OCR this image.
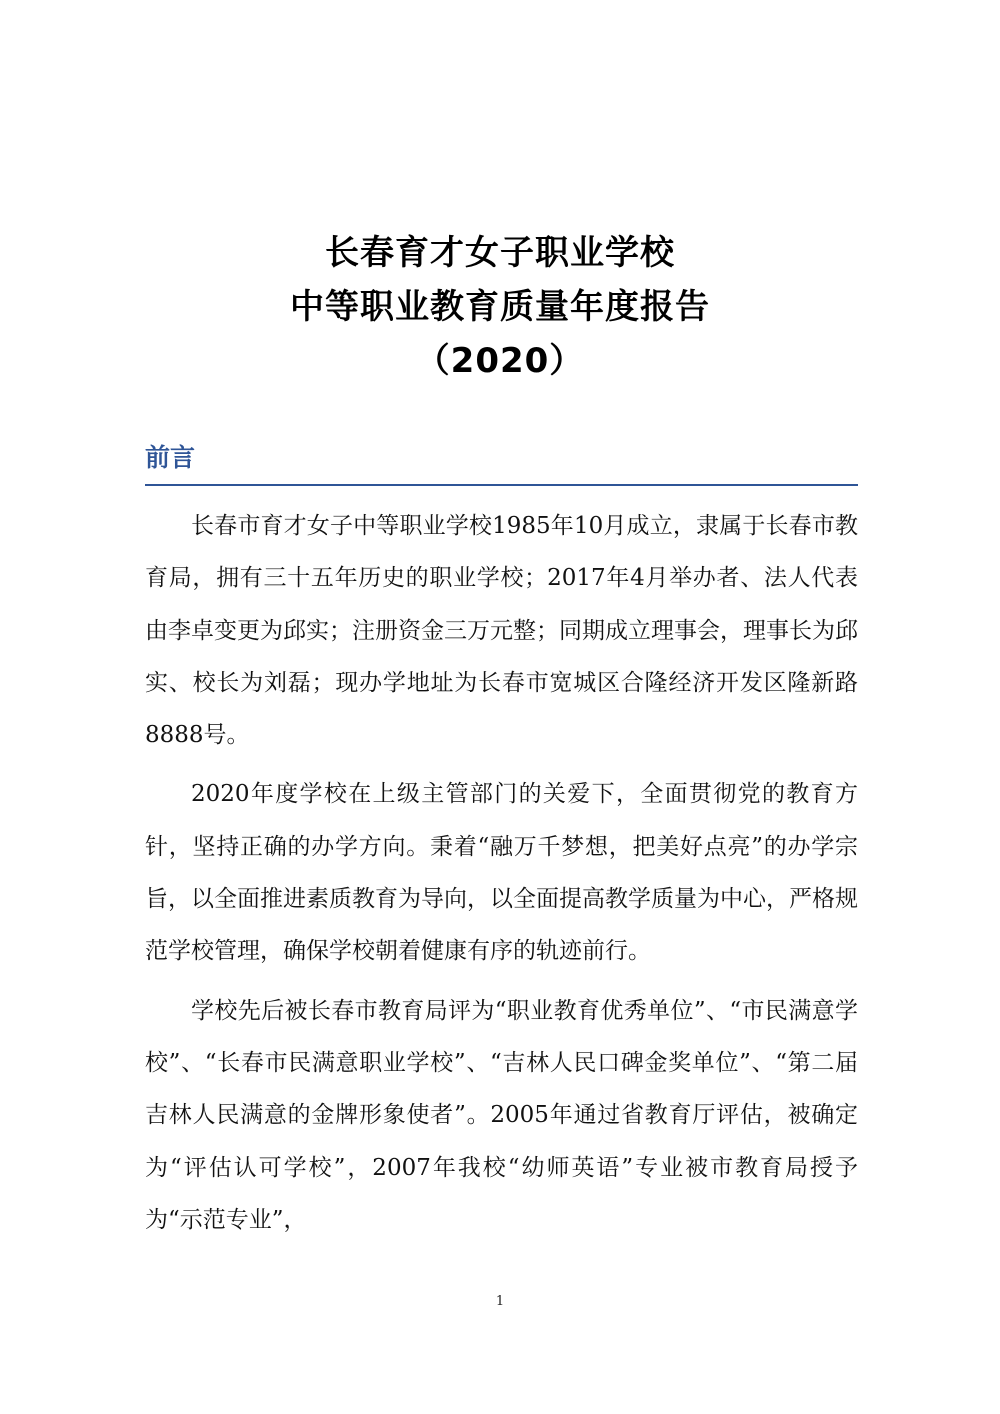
长春育才女子职业学校
中等职业教育质量年度报告
（2020）
前言

长春市育才女子中等职业学校1985年10月成立，隶属于长春市教育局，拥有三十五年历史的职业学校；2017年4月举办者、法人代表由李卓变更为邱实；注册资金三万元整；同期成立理事会，理事长为邱实、校长为刘磊；现办学地址为长春市宽城区合隆经济开发区隆新路8888号。

2020年度学校在上级主管部门的关爱下，全面贯彻党的教育方针，坚持正确的办学方向。秉着“融万千梦想，把美好点亮”的办学宗旨，以全面推进素质教育为导向，以全面提高教学质量为中心，严格规范学校管理，确保学校朝着健康有序的轨迹前行。

学校先后被长春市教育局评为“职业教育优秀单位”、“市民满意学校”、“长春市民满意职业学校”、“吉林人民口碑金奖单位”、“第二届吉林人民满意的金牌形象使者”。2005年通过省教育厅评估，被确定为“评估认可学校”，2007年我校“幼师英语”专业被市教育局授予为“示范专业”，

1
